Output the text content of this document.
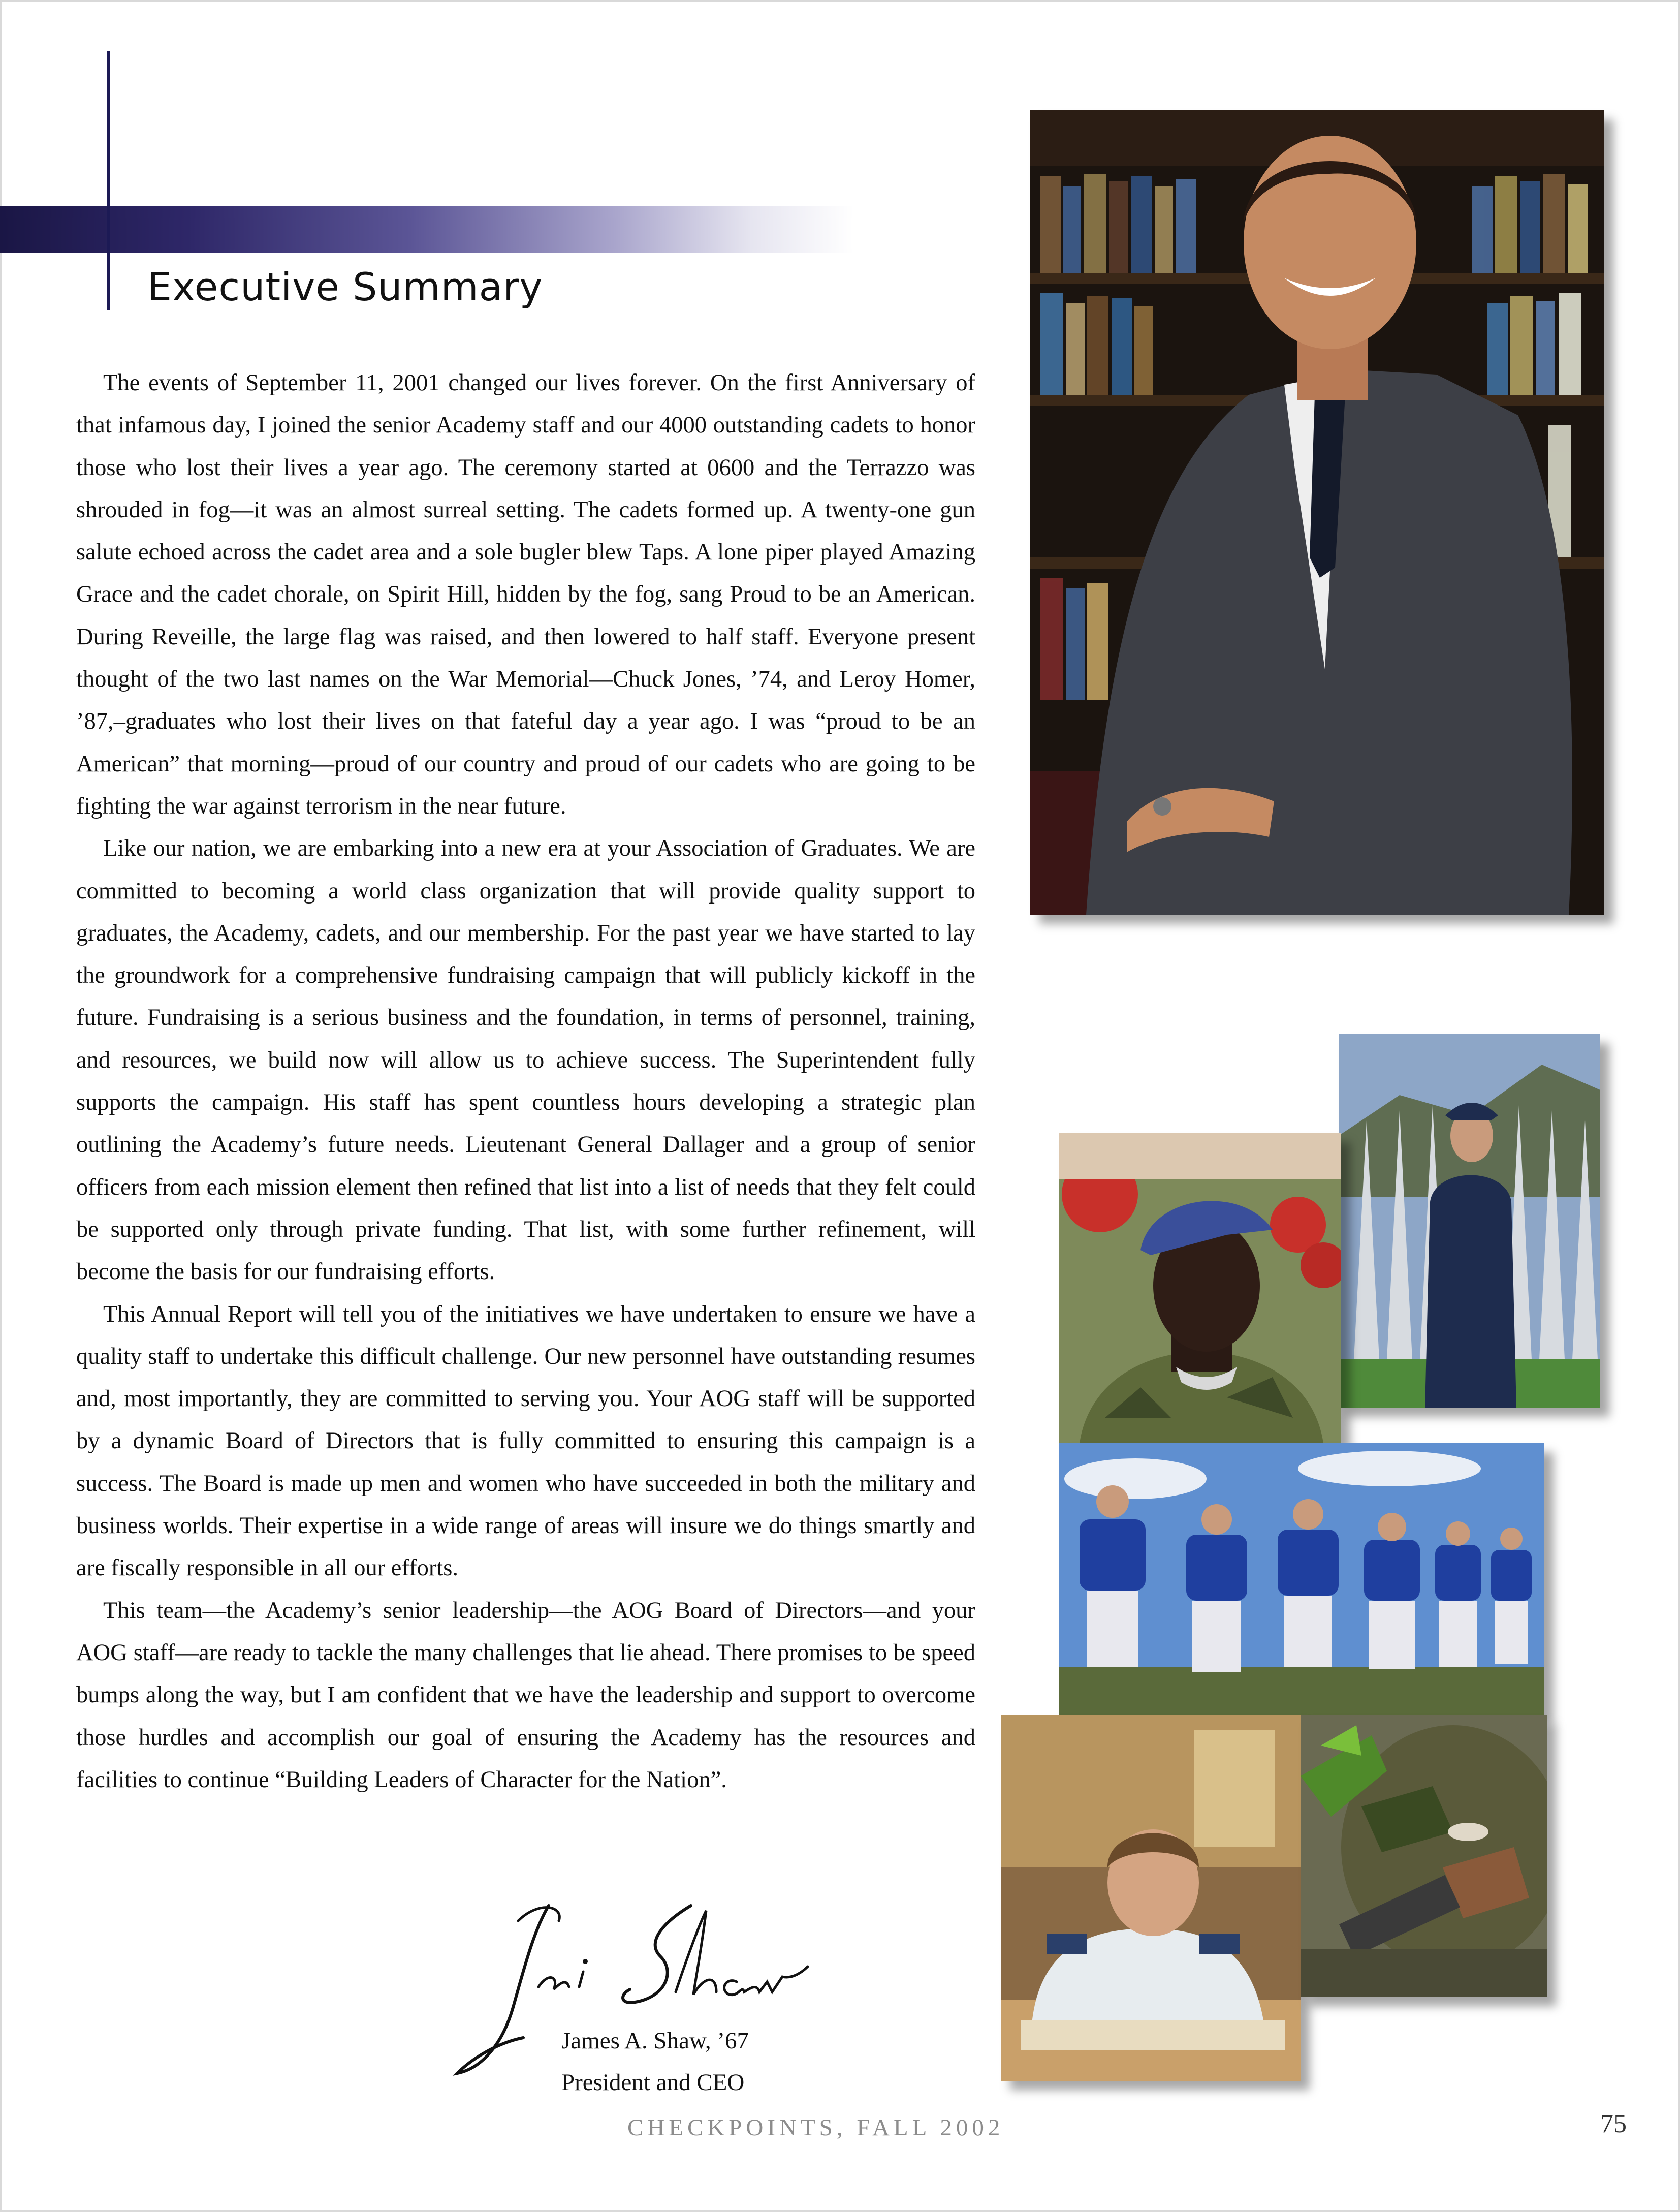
Executive Summary

The events of September 11, 2001 changed our lives forever. On the first Anniversary of that infamous day, I joined the senior Academy staff and our 4000 outstanding cadets to honor those who lost their lives a year ago. The ceremony started at 0600 and the Terrazzo was shrouded in fog—it was an almost surreal setting. The cadets formed up. A twenty-one gun salute echoed across the cadet area and a sole bugler blew Taps. A lone piper played Amazing Grace and the cadet chorale, on Spirit Hill, hidden by the fog, sang Proud to be an American. During Reveille, the large flag was raised, and then lowered to half staff. Everyone present thought of the two last names on the War Memorial—Chuck Jones, ’74, and Leroy Homer, ’87,–graduates who lost their lives on that fateful day a year ago. I was “proud to be an American” that morning—proud of our country and proud of our cadets who are going to be fighting the war against terrorism in the near future.

Like our nation, we are embarking into a new era at your Association of Graduates. We are committed to becoming a world class organization that will provide quality support to graduates, the Academy, cadets, and our membership. For the past year we have started to lay the groundwork for a comprehensive fundraising campaign that will publicly kickoff in the future. Fundraising is a serious business and the foundation, in terms of personnel, training, and resources, we build now will allow us to achieve success. The Superintendent fully supports the campaign. His staff has spent countless hours developing a strategic plan outlining the Academy’s future needs. Lieutenant General Dallager and a group of senior officers from each mission element then refined that list into a list of needs that they felt could be supported only through private funding. That list, with some further refinement, will become the basis for our fundraising efforts.

This Annual Report will tell you of the initiatives we have undertaken to ensure we have a quality staff to undertake this difficult challenge. Our new personnel have outstanding resumes and, most importantly, they are committed to serving you. Your AOG staff will be supported by a dynamic Board of Directors that is fully committed to ensuring this campaign is a success. The Board is made up men and women who have succeeded in both the military and business worlds. Their expertise in a wide range of areas will insure we do things smartly and are fiscally responsible in all our efforts.

This team—the Academy’s senior leadership—the AOG Board of Directors—and your AOG staff—are ready to tackle the many challenges that lie ahead. There promises to be speed bumps along the way, but I am confident that we have the leadership and support to overcome those hurdles and accomplish our goal of ensuring the Academy has the resources and facilities to continue “Building Leaders of Character for the Nation”.

James A. Shaw, ’67
President and CEO
CHECKPOINTS, FALL 2002	75
